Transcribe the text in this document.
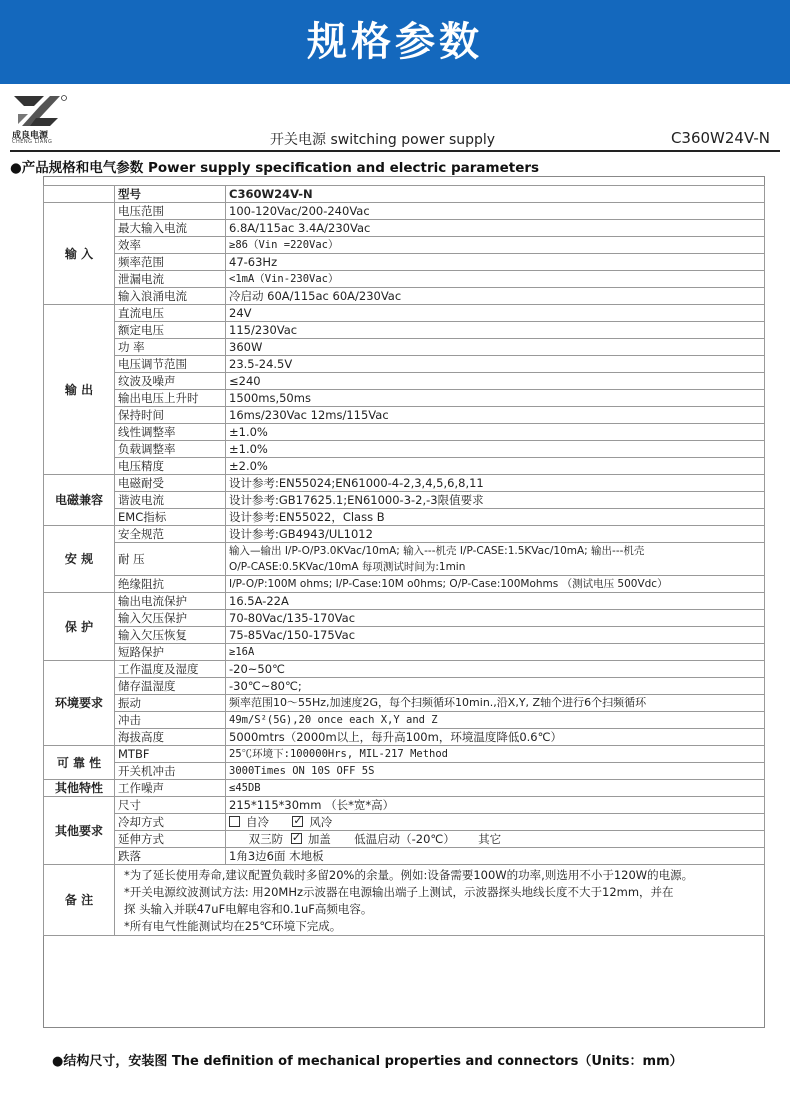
规格参数
成良电源
CHENG LIANG	开关电源 switching power supply	C360W24V-N
●产品规格和电气参数 Power supply specification and electric parameters
	型号	C360W24V-N
输 入	电压范围	100-120Vac/200-240Vac
	最大输入电流	6.8A/115ac 3.4A/230Vac
	效率	≥86（Vin =220Vac）
	频率范围	47-63Hz
	泄漏电流	<1mA（Vin-230Vac）
	输入浪涌电流	冷启动 60A/115ac 60A/230Vac
输 出	直流电压	24V
	额定电压	115/230Vac
	功 率	360W
	电压调节范围	23.5-24.5V
	纹波及噪声	≤240
	输出电压上升时	1500ms,50ms
	保持时间	16ms/230Vac 12ms/115Vac
	线性调整率	±1.0%
	负载调整率	±1.0%
	电压精度	±2.0%
电磁兼容	电磁耐受	设计参考:EN55024;EN61000-4-2,3,4,5,6,8,11
	谐波电流	设计参考:GB17625.1;EN61000-3-2,-3限值要求
	EMC指标	设计参考:EN55022，Class B
安 规	安全规范	设计参考:GB4943/UL1012
	耐 压	输入—输出 I/P-O/P3.0KVac/10mA; 输入---机壳 I/P-CASE:1.5KVac/10mA; 输出---机壳
O/P-CASE:0.5KVac/10mA 每项测试时间为:1min

	绝缘阻抗	I/P-O/P:100M ohms; I/P-Case:10M o0hms; O/P-Case:100Mohms （测试电压 500Vdc）
保 护	输出电流保护	16.5A-22A
	输入欠压保护	70-80Vac/135-170Vac
	输入欠压恢复	75-85Vac/150-175Vac
	短路保护	≥16A
环境要求	工作温度及湿度	-20~50℃
	储存温湿度	-30℃~80℃;
	振动	频率范围10～55Hz,加速度2G，每个扫频循环10min.,沿X,Y, Z轴个进行6个扫频循环
	冲击	49m/S²(5G),20 once each X,Y and Z
	海拔高度	5000mtrs（2000m以上，每升高100m，环境温度降低0.6℃）
可 靠 性	MTBF	25℃环境下:100000Hrs, MIL-217 Method
	开关机冲击	3000Times ON 10S OFF 5S
其他特性	工作噪声	≤45DB
其他要求	尺寸	215*115*30mm （长*宽*高）
	冷却方式	自冷 ✓ 风冷
	延伸方式	双三防 ✓ 加盖 低温启动（-20℃） 其它
	跌落	1角3边6面 木地板
备 注	*为了延长使用寿命,建议配置负载时多留20%的余量。例如:设备需要100W的功率,则选用不小于120W的电源。
*开关电源纹波测试方法: 用20MHz示波器在电源输出端子上测试，示波器探头地线长度不大于12mm，并在
探 头输入并联47uF电解电容和0.1uF高频电容。
*所有电气性能测试均在25℃环境下完成。	
●结构尺寸，安装图 The definition of mechanical properties and connectors（Units：mm）
